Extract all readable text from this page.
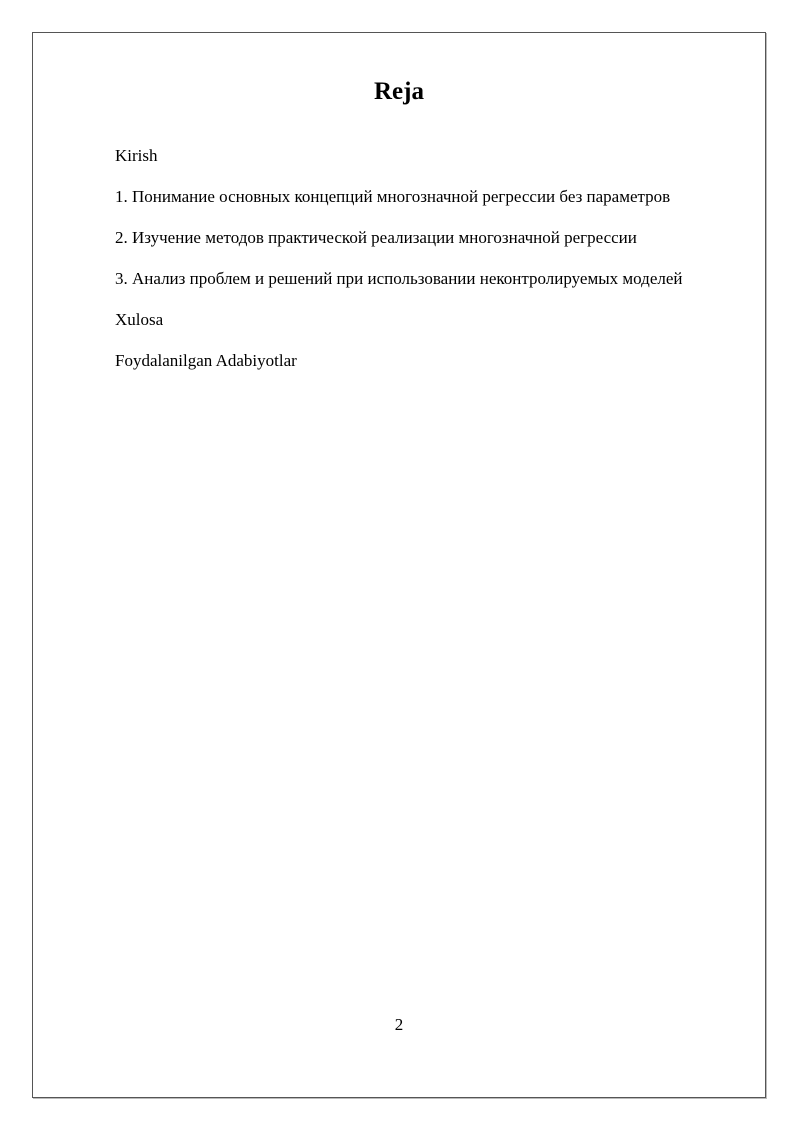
Reja
Kirish
1. Понимание основных концепций многозначной регрессии без параметров
2. Изучение методов практической реализации многозначной регрессии
3. Анализ проблем и решений при использовании неконтролируемых моделей
Xulosa
Foydalanilgan Adabiyotlar
2
